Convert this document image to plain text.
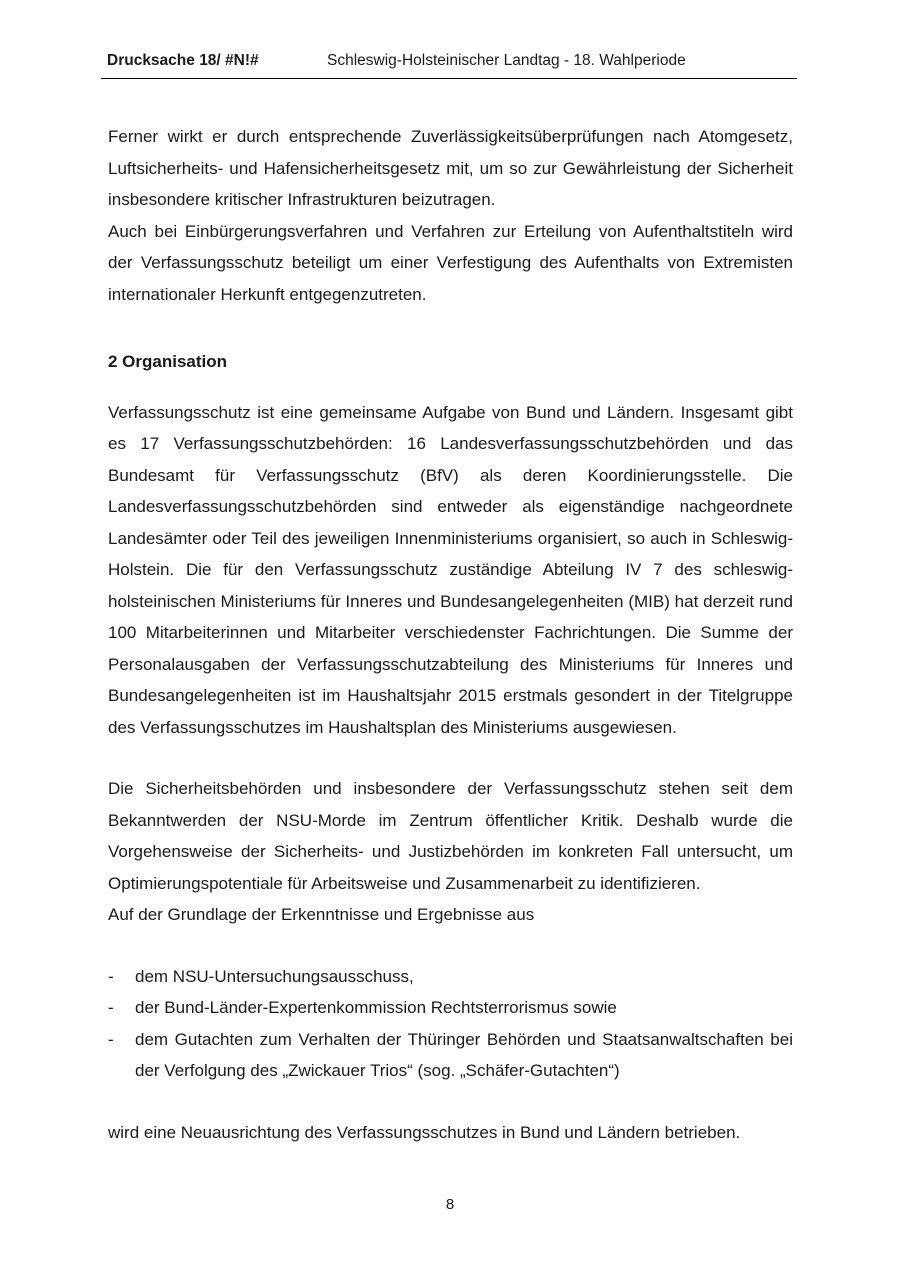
Drucksache 18/ #N!#	Schleswig-Holsteinischer Landtag - 18. Wahlperiode

Ferner wirkt er durch entsprechende Zuverlässigkeitsüberprüfungen nach Atomgesetz, Luftsicherheits- und Hafensicherheitsgesetz mit, um so zur Gewährleistung der Sicherheit insbesondere kritischer Infrastrukturen beizutragen.

Auch bei Einbürgerungsverfahren und Verfahren zur Erteilung von Aufenthaltstiteln wird der Verfassungsschutz beteiligt um einer Verfestigung des Aufenthalts von Extremisten internationaler Herkunft entgegenzutreten.

2 Organisation

Verfassungsschutz ist eine gemeinsame Aufgabe von Bund und Ländern. Insgesamt gibt es 17 Verfassungsschutzbehörden: 16 Landesverfassungsschutzbehörden und das Bundesamt für Verfassungsschutz (BfV) als deren Koordinierungsstelle. Die Landesverfassungsschutzbehörden sind entweder als eigenständige nachgeordnete Landesämter oder Teil des jeweiligen Innenministeriums organisiert, so auch in Schleswig-Holstein. Die für den Verfassungsschutz zuständige Abteilung IV 7 des schleswig-holsteinischen Ministeriums für Inneres und Bundesangelegenheiten (MIB) hat derzeit rund 100 Mitarbeiterinnen und Mitarbeiter verschiedenster Fachrichtungen. Die Summe der Personalausgaben der Verfassungsschutzabteilung des Ministeriums für Inneres und Bundesangelegenheiten ist im Haushaltsjahr 2015 erstmals gesondert in der Titelgruppe des Verfassungsschutzes im Haushaltsplan des Ministeriums ausgewiesen.

Die Sicherheitsbehörden und insbesondere der Verfassungsschutz stehen seit dem Bekanntwerden der NSU-Morde im Zentrum öffentlicher Kritik. Deshalb wurde die Vorgehensweise der Sicherheits- und Justizbehörden im konkreten Fall untersucht, um Optimierungspotentiale für Arbeitsweise und Zusammenarbeit zu identifizieren.

Auf der Grundlage der Erkenntnisse und Ergebnisse aus

- dem NSU-Untersuchungsausschuss,
- der Bund-Länder-Expertenkommission Rechtsterrorismus sowie
- dem Gutachten zum Verhalten der Thüringer Behörden und Staatsanwaltschaften bei der Verfolgung des „Zwickauer Trios“ (sog. „Schäfer-Gutachten“)

wird eine Neuausrichtung des Verfassungsschutzes in Bund und Ländern betrieben.

8
